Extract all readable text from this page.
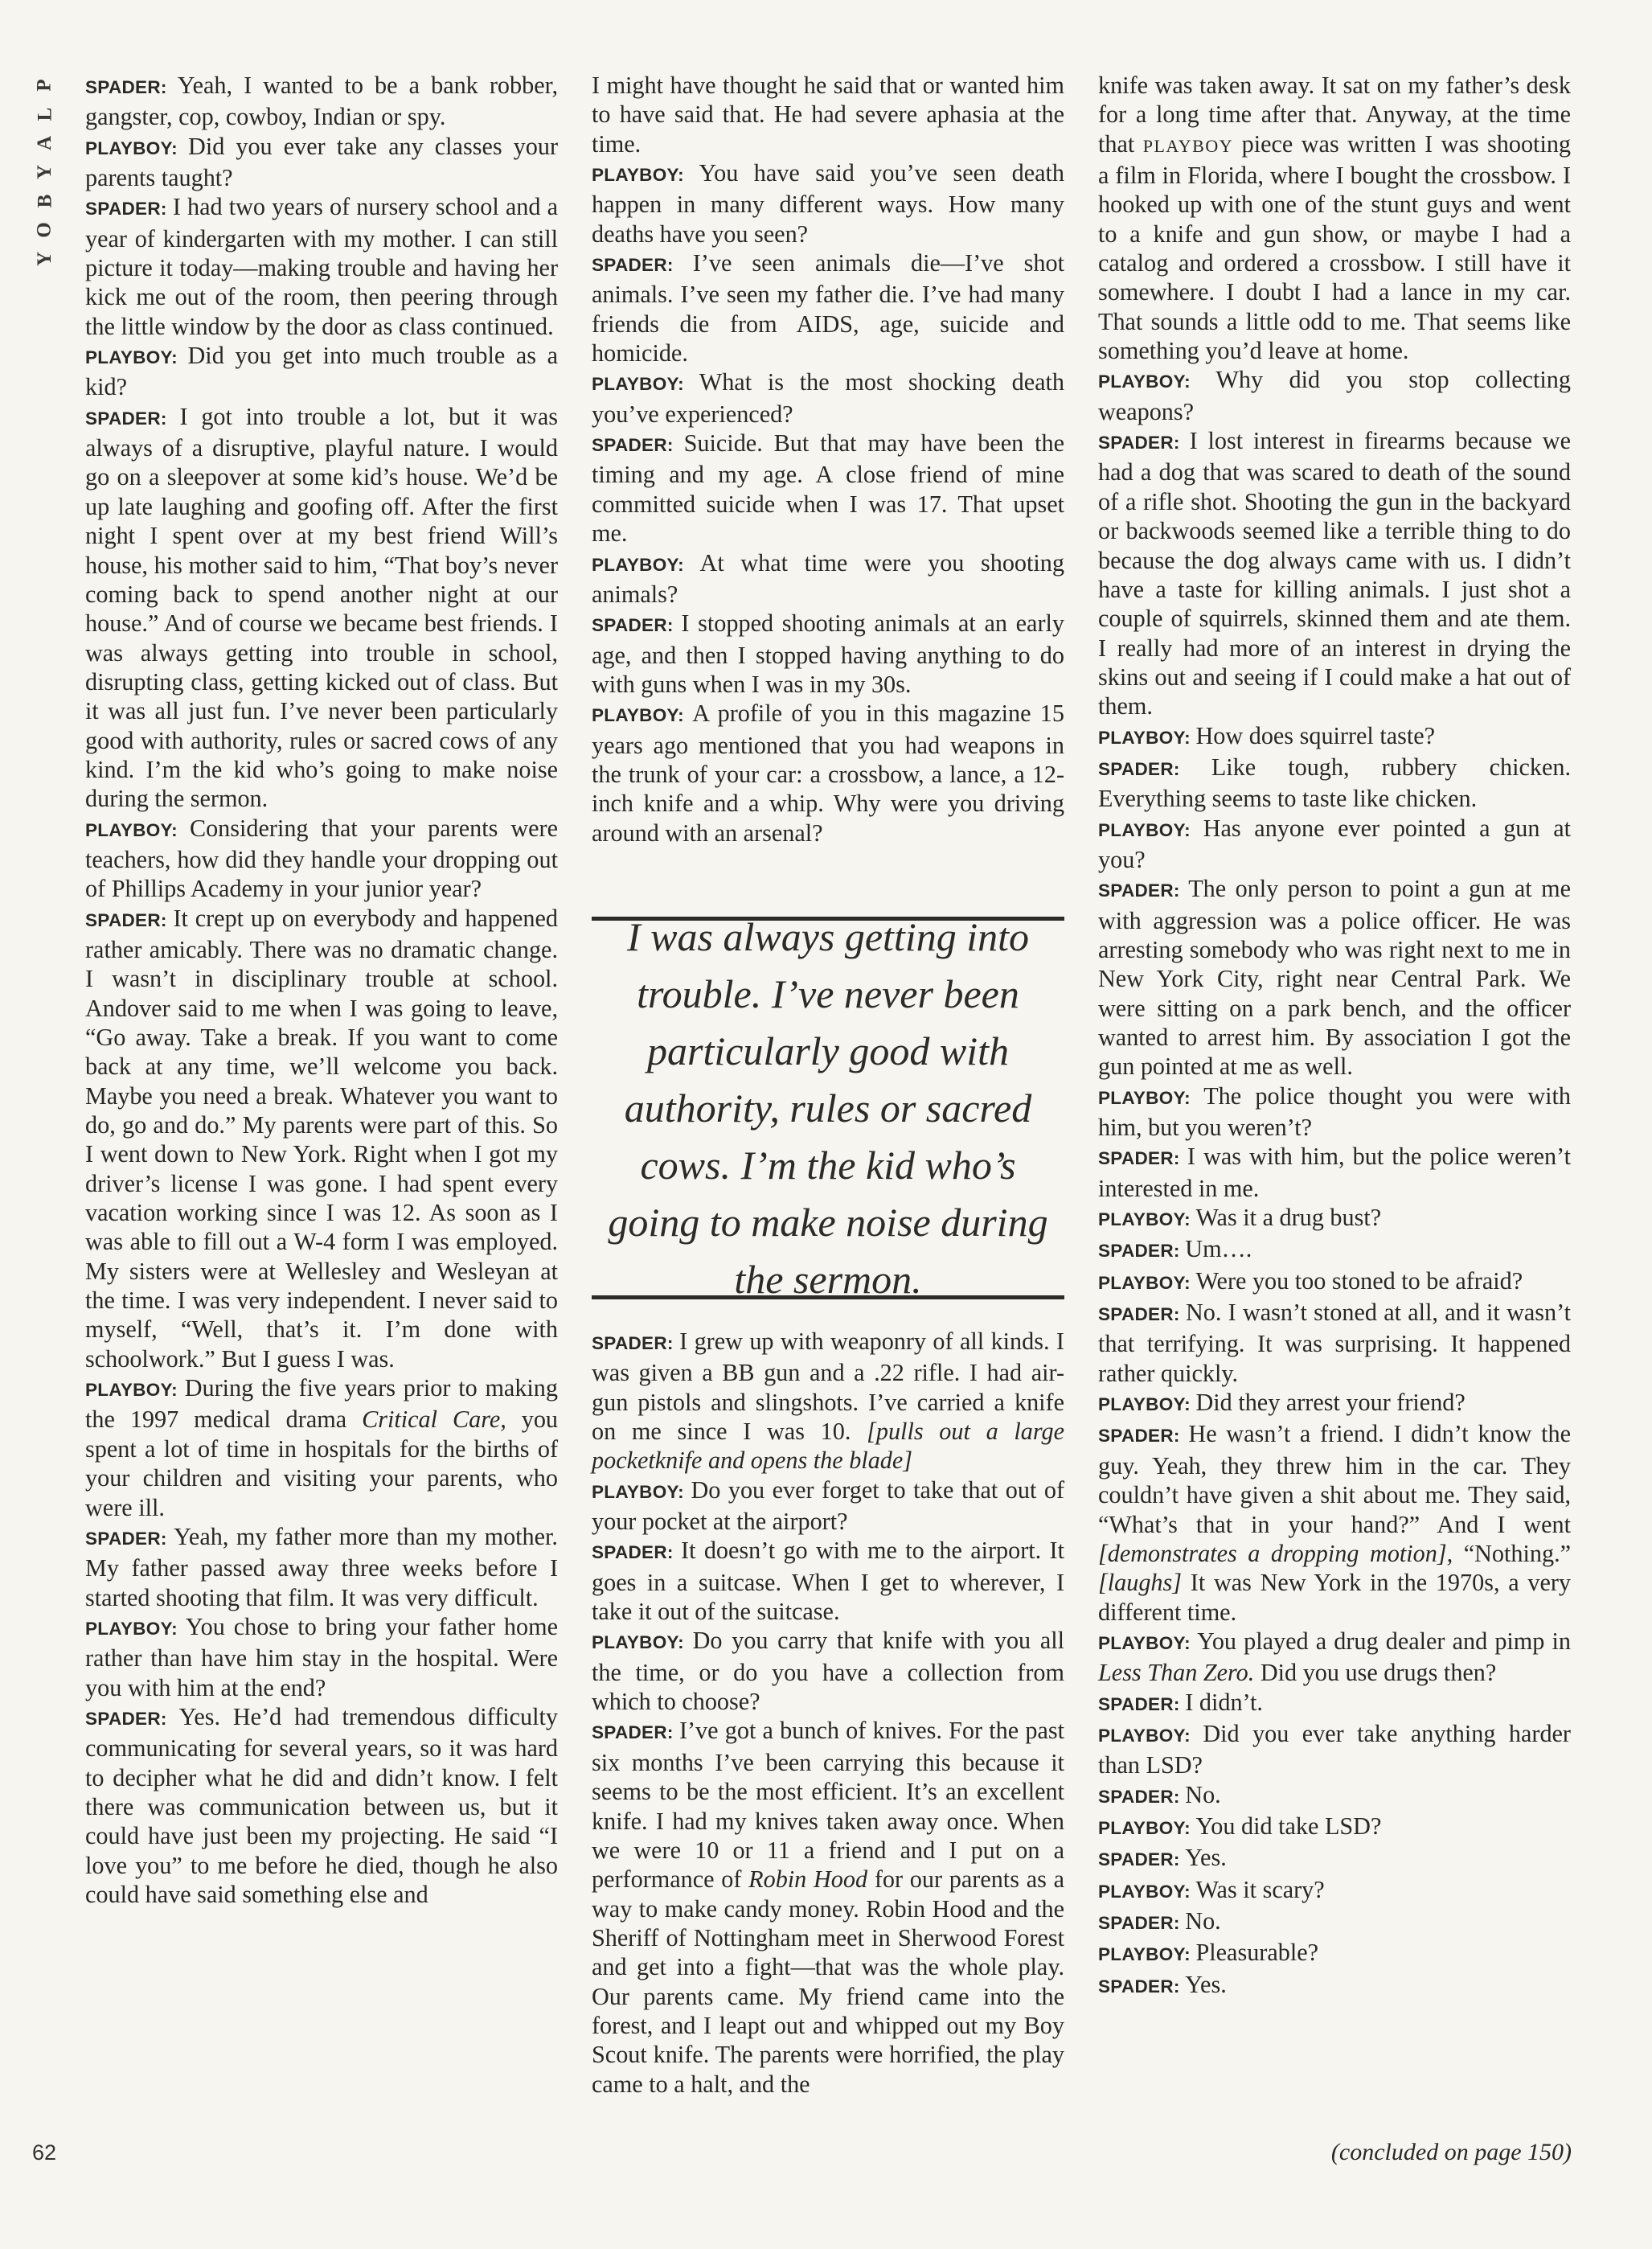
P
L
A
Y
B
O
Y

SPADER: Yeah, I wanted to be a bank robber, gangster, cop, cowboy, Indian or spy.

PLAYBOY: Did you ever take any classes your parents taught?

SPADER: I had two years of nursery school and a year of kindergarten with my mother. I can still picture it today—making trouble and having her kick me out of the room, then peering through the little window by the door as class continued.

PLAYBOY: Did you get into much trouble as a kid?

SPADER: I got into trouble a lot, but it was always of a disruptive, playful nature. I would go on a sleepover at some kid’s house. We’d be up late laughing and goofing off. After the first night I spent over at my best friend Will’s house, his mother said to him, “That boy’s never coming back to spend another night at our house.” And of course we became best friends. I was always getting into trouble in school, disrupting class, getting kicked out of class. But it was all just fun. I’ve never been particularly good with authority, rules or sacred cows of any kind. I’m the kid who’s going to make noise during the sermon.

PLAYBOY: Considering that your parents were teachers, how did they handle your dropping out of Phillips Academy in your junior year?

SPADER: It crept up on everybody and happened rather amicably. There was no dramatic change. I wasn’t in disciplinary trouble at school. Andover said to me when I was going to leave, “Go away. Take a break. If you want to come back at any time, we’ll welcome you back. Maybe you need a break. Whatever you want to do, go and do.” My parents were part of this. So I went down to New York. Right when I got my driver’s license I was gone. I had spent every vacation working since I was 12. As soon as I was able to fill out a W-4 form I was employed. My sisters were at Wellesley and Wesleyan at the time. I was very independent. I never said to myself, “Well, that’s it. I’m done with schoolwork.” But I guess I was.

PLAYBOY: During the five years prior to making the 1997 medical drama Critical Care, you spent a lot of time in hospitals for the births of your children and visiting your parents, who were ill.

SPADER: Yeah, my father more than my mother. My father passed away three weeks before I started shooting that film. It was very difficult.

PLAYBOY: You chose to bring your father home rather than have him stay in the hospital. Were you with him at the end?

SPADER: Yes. He’d had tremendous difficulty communicating for several years, so it was hard to decipher what he did and didn’t know. I felt there was communication between us, but it could have just been my projecting. He said “I love you” to me before he died, though he also could have said something else and

I might have thought he said that or wanted him to have said that. He had severe aphasia at the time.

PLAYBOY: You have said you’ve seen death happen in many different ways. How many deaths have you seen?

SPADER: I’ve seen animals die—I’ve shot animals. I’ve seen my father die. I’ve had many friends die from AIDS, age, suicide and homicide.

PLAYBOY: What is the most shocking death you’ve experienced?

SPADER: Suicide. But that may have been the timing and my age. A close friend of mine committed suicide when I was 17. That upset me.

PLAYBOY: At what time were you shooting animals?

SPADER: I stopped shooting animals at an early age, and then I stopped having anything to do with guns when I was in my 30s.

PLAYBOY: A profile of you in this magazine 15 years ago mentioned that you had weapons in the trunk of your car: a crossbow, a lance, a 12-inch knife and a whip. Why were you driving around with an arsenal?

I was always getting into trouble. I’ve never been particularly good with authority, rules or sacred cows. I’m the kid who’s going to make noise during the sermon.

SPADER: I grew up with weaponry of all kinds. I was given a BB gun and a .22 rifle. I had air-gun pistols and slingshots. I’ve carried a knife on me since I was 10. [pulls out a large pocketknife and opens the blade]

PLAYBOY: Do you ever forget to take that out of your pocket at the airport?

SPADER: It doesn’t go with me to the airport. It goes in a suitcase. When I get to wherever, I take it out of the suitcase.

PLAYBOY: Do you carry that knife with you all the time, or do you have a collection from which to choose?

SPADER: I’ve got a bunch of knives. For the past six months I’ve been carrying this because it seems to be the most efficient. It’s an excellent knife. I had my knives taken away once. When we were 10 or 11 a friend and I put on a performance of Robin Hood for our parents as a way to make candy money. Robin Hood and the Sheriff of Nottingham meet in Sherwood Forest and get into a fight—that was the whole play. Our parents came. My friend came into the forest, and I leapt out and whipped out my Boy Scout knife. The parents were horrified, the play came to a halt, and the

knife was taken away. It sat on my father’s desk for a long time after that. Anyway, at the time that PLAYBOY piece was written I was shooting a film in Florida, where I bought the crossbow. I hooked up with one of the stunt guys and went to a knife and gun show, or maybe I had a catalog and ordered a crossbow. I still have it somewhere. I doubt I had a lance in my car. That sounds a little odd to me. That seems like something you’d leave at home.

PLAYBOY: Why did you stop collecting weapons?

SPADER: I lost interest in firearms because we had a dog that was scared to death of the sound of a rifle shot. Shooting the gun in the backyard or backwoods seemed like a terrible thing to do because the dog always came with us. I didn’t have a taste for killing animals. I just shot a couple of squirrels, skinned them and ate them. I really had more of an interest in drying the skins out and seeing if I could make a hat out of them.

PLAYBOY: How does squirrel taste?

SPADER: Like tough, rubbery chicken. Everything seems to taste like chicken.

PLAYBOY: Has anyone ever pointed a gun at you?

SPADER: The only person to point a gun at me with aggression was a police officer. He was arresting somebody who was right next to me in New York City, right near Central Park. We were sitting on a park bench, and the officer wanted to arrest him. By association I got the gun pointed at me as well.

PLAYBOY: The police thought you were with him, but you weren’t?

SPADER: I was with him, but the police weren’t interested in me.

PLAYBOY: Was it a drug bust?

SPADER: Um….

PLAYBOY: Were you too stoned to be afraid?

SPADER: No. I wasn’t stoned at all, and it wasn’t that terrifying. It was surprising. It happened rather quickly.

PLAYBOY: Did they arrest your friend?

SPADER: He wasn’t a friend. I didn’t know the guy. Yeah, they threw him in the car. They couldn’t have given a shit about me. They said, “What’s that in your hand?” And I went [demonstrates a dropping motion], “Nothing.” [laughs] It was New York in the 1970s, a very different time.

PLAYBOY: You played a drug dealer and pimp in Less Than Zero. Did you use drugs then?

SPADER: I didn’t.

PLAYBOY: Did you ever take anything harder than LSD?

SPADER: No.

PLAYBOY: You did take LSD?

SPADER: Yes.

PLAYBOY: Was it scary?

SPADER: No.

PLAYBOY: Pleasurable?

SPADER: Yes.

62	(concluded on page 150)
